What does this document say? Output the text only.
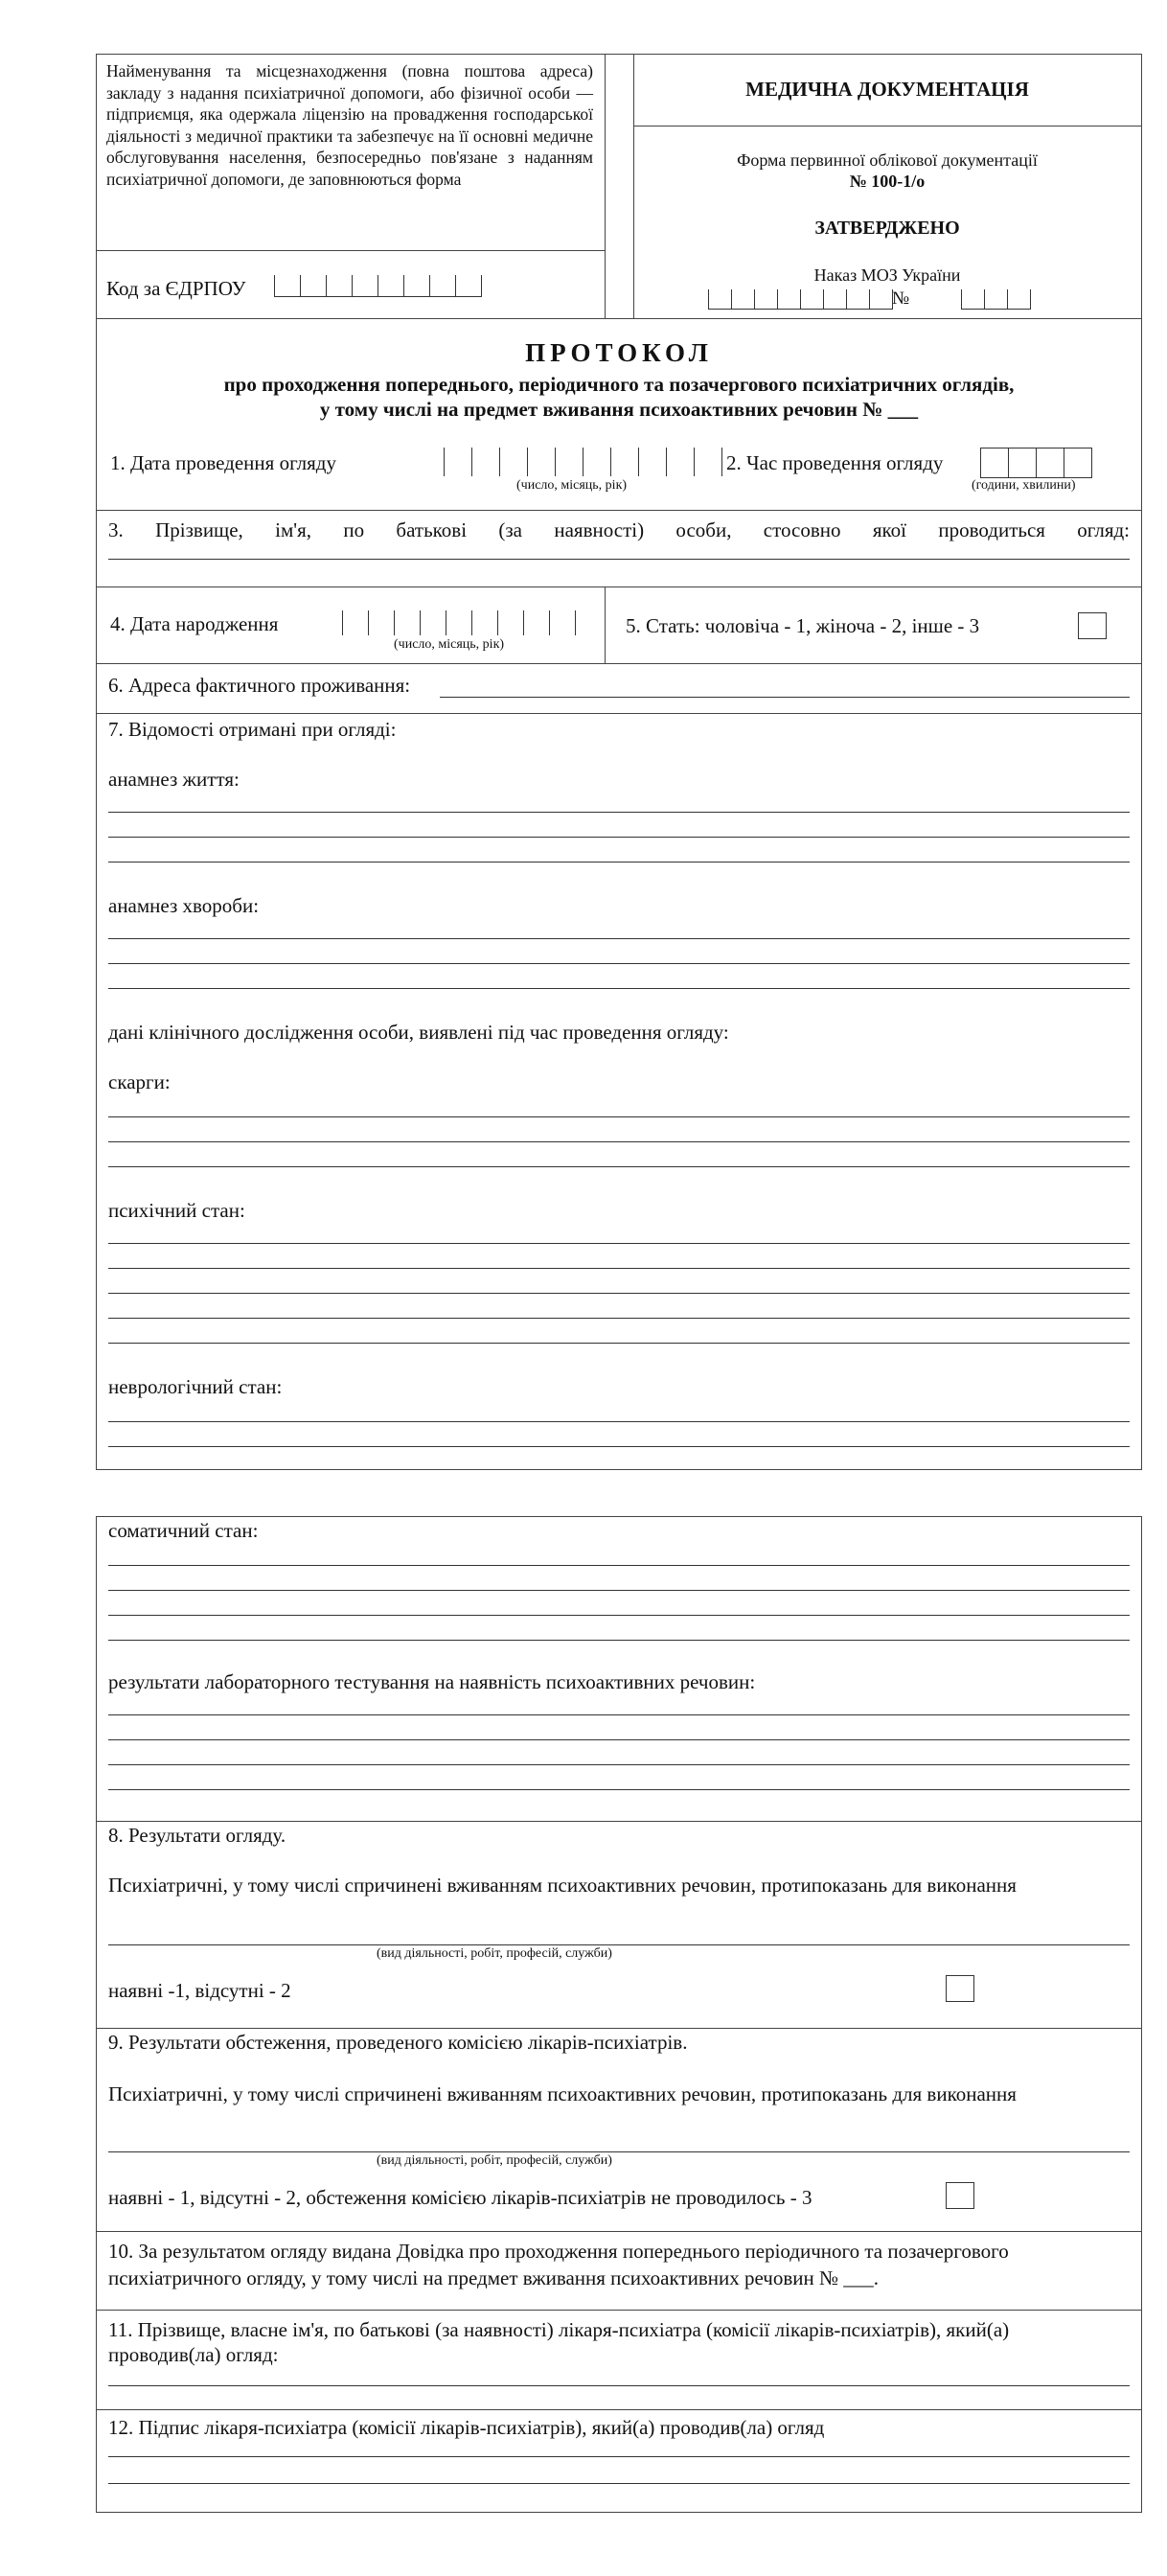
Найменування та місцезнаходження (повна поштова адреса) закладу з надання психіатричної допомоги, або фізичної особи — підприємця, яка одержала ліцензію на провадження господарської діяльності з медичної практики та забезпечує на її основні медичне обслуговування населення, безпосередньо пов'язане з наданням психіатричної допомоги, де заповнюються форма
Код за ЄДРПОУ
МЕДИЧНА ДОКУМЕНТАЦІЯ
Форма первинної облікової документації
№ 100-1/о
ЗАТВЕРДЖЕНО
Наказ МОЗ України
№
ПРОТОКОЛ
про проходження попереднього, періодичного та позачергового психіатричних оглядів,
у тому числі на предмет вживання психоактивних речовин № ___
1. Дата проведення огляду
(число, місяць, рік)
2. Час проведення огляду
(години, хвилини)
3. Прізвище, ім'я, по батькові (за наявності) особи, стосовно якої проводиться огляд:
4. Дата народження
(число, місяць, рік)
5. Стать: чоловіча - 1, жіноча - 2, інше - 3
6. Адреса фактичного проживання:
7. Відомості отримані при огляді:
анамнез життя:
анамнез хвороби:
дані клінічного дослідження особи, виявлені під час проведення огляду:
скарги:
психічний стан:
неврологічний стан:
соматичний стан:
результати лабораторного тестування на наявність психоактивних речовин:
8. Результати огляду.
Психіатричні, у тому числі спричинені вживанням психоактивних речовин, протипоказань для виконання
(вид діяльності, робіт, професій, служби)
наявні -1, відсутні - 2
9. Результати обстеження, проведеного комісією лікарів-психіатрів.
Психіатричні, у тому числі спричинені вживанням психоактивних речовин, протипоказань для виконання
(вид діяльності, робіт, професій, служби)
наявні - 1, відсутні - 2, обстеження комісією лікарів-психіатрів не проводилось - 3
10. За результатом огляду видана Довідка про проходження попереднього періодичного та позачергового
психіатричного огляду, у тому числі на предмет вживання психоактивних речовин № ___.
11. Прізвище, власне ім'я, по батькові (за наявності) лікаря-психіатра (комісії лікарів-психіатрів), який(а)
проводив(ла) огляд:
12. Підпис лікаря-психіатра (комісії лікарів-психіатрів), який(а) проводив(ла) огляд
